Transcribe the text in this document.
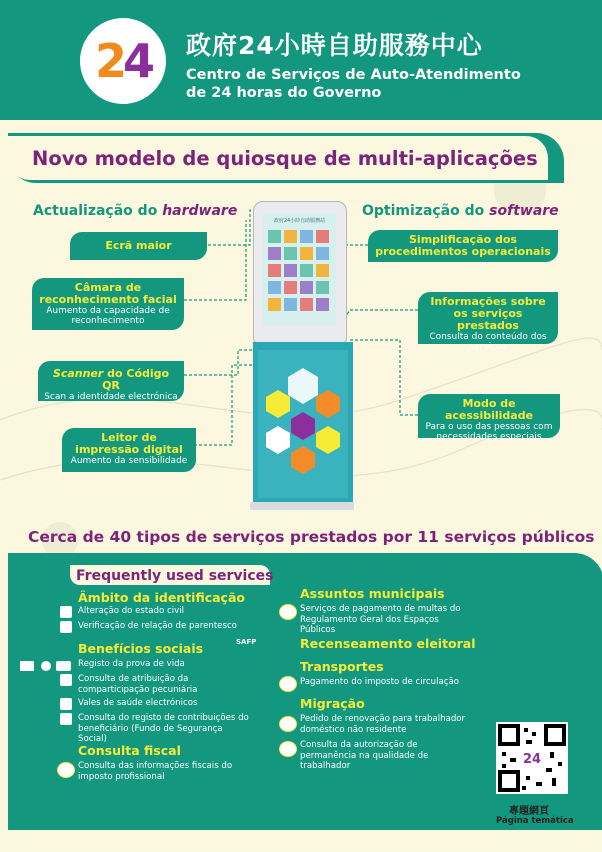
24 政府24小時自助服務中心
Centro de Serviços de Auto-Atendimento de 24 horas do Governo
Novo modelo de quiosque de multi-aplicações
Actualização do hardware	Optimização do software
Ecrã maior
Câmara de reconhecimento facial
Aumento da capacidade de reconhecimento
Scanner do Código QR
Scan a identidade electrónica
Leitor de impressão digital
Aumento da sensibilidade
Simplificação dos procedimentos operacionais
Informações sobre os serviços prestados
Consulta do conteúdo dos serviços
Modo de acessibilidade
Para o uso das pessoas com necessidades especiais
政府24小時自助服務站
Cerca de 40 tipos de serviços prestados por 11 serviços públicos
Frequently used services
Âmbito da identificação
Alteração do estado civil
Verificação de relação de parentesco
Benefícios sociais
Registo da prova de vida
Consulta de atribuição da comparticipação pecuniária
Vales de saúde electrónicos
Consulta do registo de contribuições do beneficiário (Fundo de Segurança Social)
Consulta fiscal
Consulta das informações fiscais do imposto profissional
Assuntos municipais
Serviços de pagamento de multas do Regulamento Geral dos Espaços Públicos
SAFP	Recenseamento eleitoral
Transportes
Pagamento do imposto de circulação
Migração
Pedido de renovação para trabalhador doméstico não residente
Consulta da autorização de permanência na qualidade de trabalhador	24
專題網頁
Página temática
